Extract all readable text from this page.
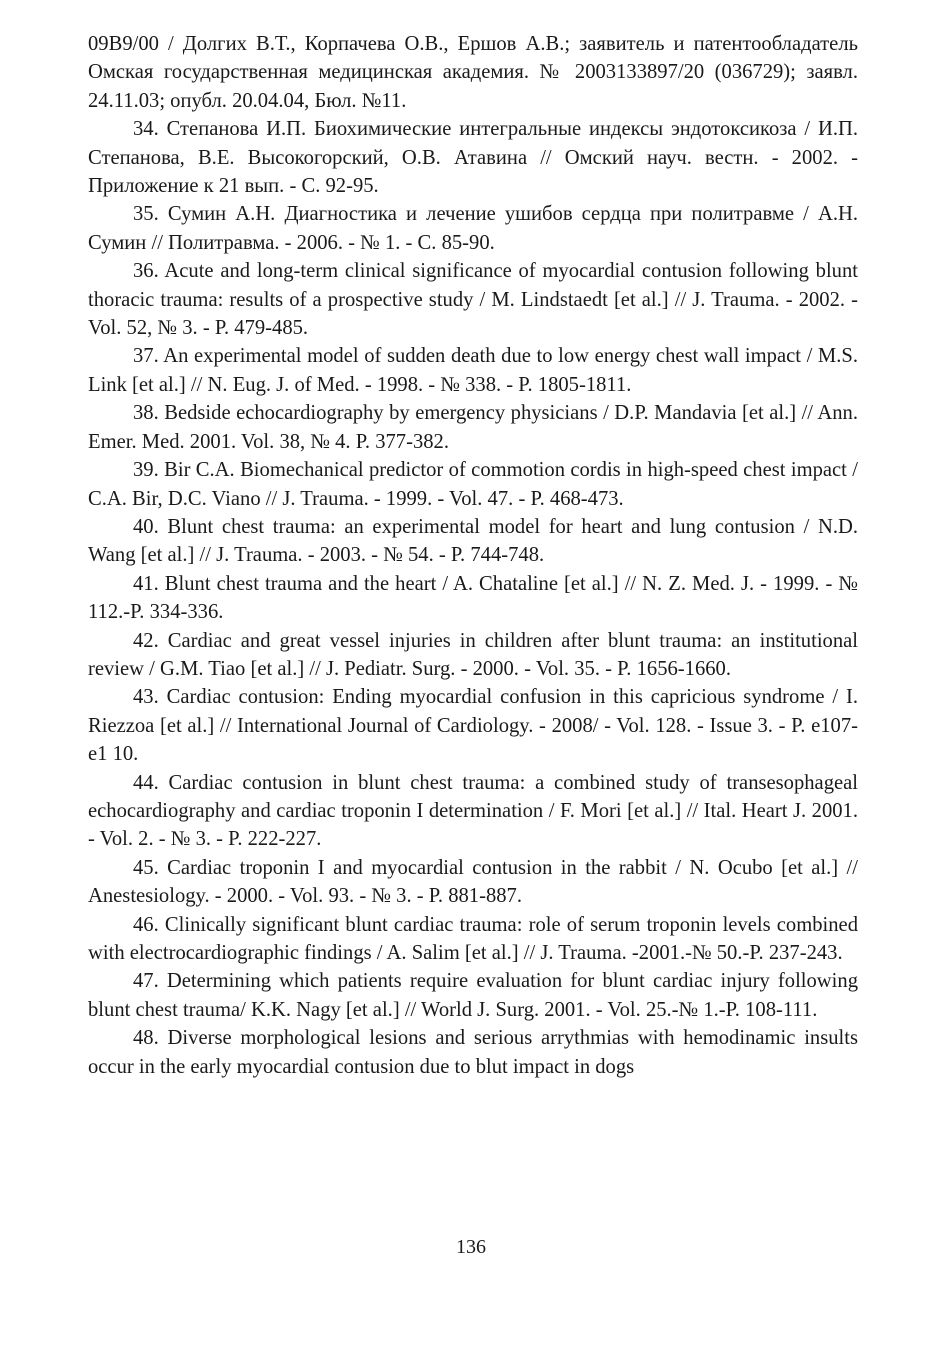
09В9/00 / Долгих В.Т., Корпачева О.В., Ершов А.В.; заявитель и патентообладатель Омская государственная медицинская академия. № 2003133897/20 (036729); заявл. 24.11.03; опубл. 20.04.04, Бюл. №11.

34. Степанова И.П. Биохимические интегральные индексы эндотоксикоза / И.П. Степанова, В.Е. Высокогорский, О.В. Атавина // Омский науч. вестн. - 2002. - Приложение к 21 вып. - С. 92-95.

35. Сумин А.Н. Диагностика и лечение ушибов сердца при политравме / А.Н. Сумин // Политравма. - 2006. - № 1. - С. 85-90.

36. Acute and long-term clinical significance of myocardial contusion following blunt thoracic trauma: results of a prospective study / M. Lindstaedt [et al.] // J. Trauma. - 2002. - Vol. 52, № 3. - P. 479-485.

37. An experimental model of sudden death due to low energy chest wall impact / M.S. Link [et al.] // N. Eug. J. of Med. - 1998. - № 338. - P. 1805-1811.

38. Bedside echocardiography by emergency physicians / D.P. Mandavia [et al.] // Ann. Emer. Med. 2001. Vol. 38, № 4. P. 377-382.

39. Bir C.A. Biomechanical predictor of commotion cordis in high-speed chest impact / C.A. Bir, D.C. Viano // J. Trauma. - 1999. - Vol. 47. - P. 468-473.

40. Blunt chest trauma: an experimental model for heart and lung contusion / N.D. Wang [et al.] // J. Trauma. - 2003. - № 54. - P. 744-748.

41. Blunt chest trauma and the heart / A. Chataline [et al.] // N. Z. Med. J. - 1999. - № 112.-P. 334-336.

42. Cardiac and great vessel injuries in children after blunt trauma: an institutional review / G.M. Tiao [et al.] // J. Pediatr. Surg. - 2000. - Vol. 35. - P. 1656-1660.

43. Cardiac contusion: Ending myocardial confusion in this capricious syndrome / I. Riezzoa [et al.] // International Journal of Cardiology. - 2008/ - Vol. 128. - Issue 3. - P. e107-e1 10.

44. Cardiac contusion in blunt chest trauma: a combined study of transesophageal echocardiography and cardiac troponin I determination / F. Mori [et al.] // Ital. Heart J. 2001. - Vol. 2. - № 3. - P. 222-227.

45. Cardiac troponin I and myocardial contusion in the rabbit / N. Ocubo [et al.] // Anestesiology. - 2000. - Vol. 93. - № 3. - P. 881-887.

46. Clinically significant blunt cardiac trauma: role of serum troponin levels combined with electrocardiographic findings / A. Salim [et al.] // J. Trauma. -2001.-№ 50.-P. 237-243.

47. Determining which patients require evaluation for blunt cardiac injury following blunt chest trauma/ K.K. Nagy [et al.] // World J. Surg. 2001. - Vol. 25.-№ 1.-P. 108-111.

48. Diverse morphological lesions and serious arrythmias with hemodinamic insults occur in the early myocardial contusion due to blut impact in dogs

136
